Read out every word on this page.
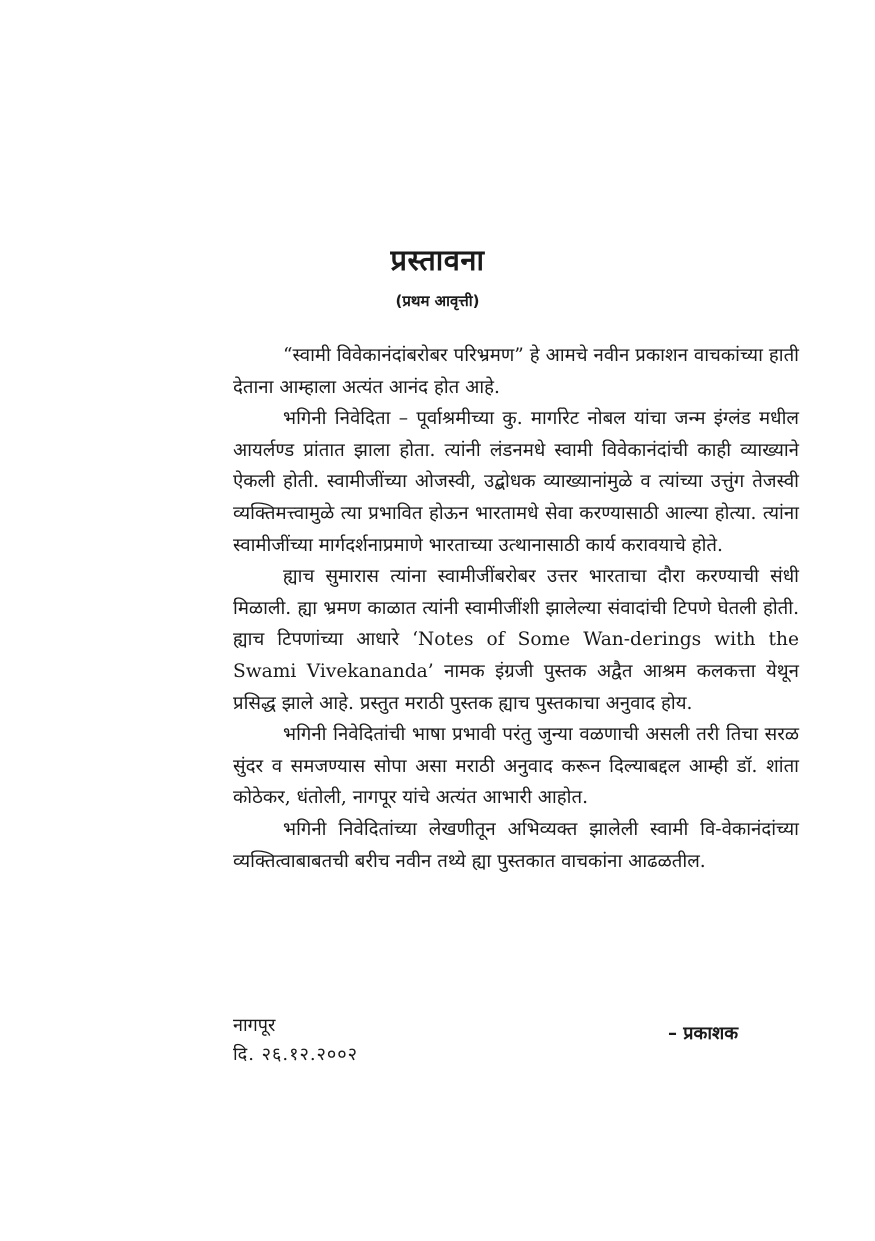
प्रस्तावना
(प्रथम आवृत्ती)

“स्वामी विवेकानंदांबरोबर परिभ्रमण” हे आमचे नवीन प्रकाशन वाचकांच्या हाती देताना आम्हाला अत्यंत आनंद होत आहे.

भगिनी निवेदिता – पूर्वाश्रमीच्या कु. मार्गारेट नोबल यांचा जन्म इंग्लंड मधील आयर्लण्ड प्रांतात झाला होता. त्यांनी लंडनमधे स्वामी विवेकानंदांची काही व्याख्याने ऐकली होती. स्वामीजींच्या ओजस्वी, उद्बोधक व्याख्यानांमुळे व त्यांच्या उत्तुंग तेजस्वी व्यक्तिमत्त्वामुळे त्या प्रभावित होऊन भारतामधे सेवा करण्यासाठी आल्या होत्या. त्यांना स्वामीजींच्या मार्गदर्शनाप्रमाणे भारताच्या उत्थानासाठी कार्य करावयाचे होते.

ह्याच सुमारास त्यांना स्वामीजींबरोबर उत्तर भारताचा दौरा करण्याची संधी मिळाली. ह्या भ्रमण काळात त्यांनी स्वामीजींशी झालेल्या संवादांची टिपणे घेतली होती. ह्याच टिपणांच्या आधारे ‘Notes of Some Wan-derings with the Swami Vivekananda’ नामक इंग्रजी पुस्तक अद्वैत आश्रम कलकत्ता येथून प्रसिद्ध झाले आहे. प्रस्तुत मराठी पुस्तक ह्याच पुस्तकाचा अनुवाद होय.

भगिनी निवेदितांची भाषा प्रभावी परंतु जुन्या वळणाची असली तरी तिचा सरळ सुंदर व समजण्यास सोपा असा मराठी अनुवाद करून दिल्याबद्दल आम्ही डॉ. शांता कोठेकर, धंतोली, नागपूर यांचे अत्यंत आभारी आहोत.

भगिनी निवेदितांच्या लेखणीतून अभिव्यक्त झालेली स्वामी वि-वेकानंदांच्या व्यक्तित्वाबाबतची बरीच नवीन तथ्ये ह्या पुस्तकात वाचकांना आढळतील.

नागपूर
दि. २६.१२.२००२
– प्रकाशक
